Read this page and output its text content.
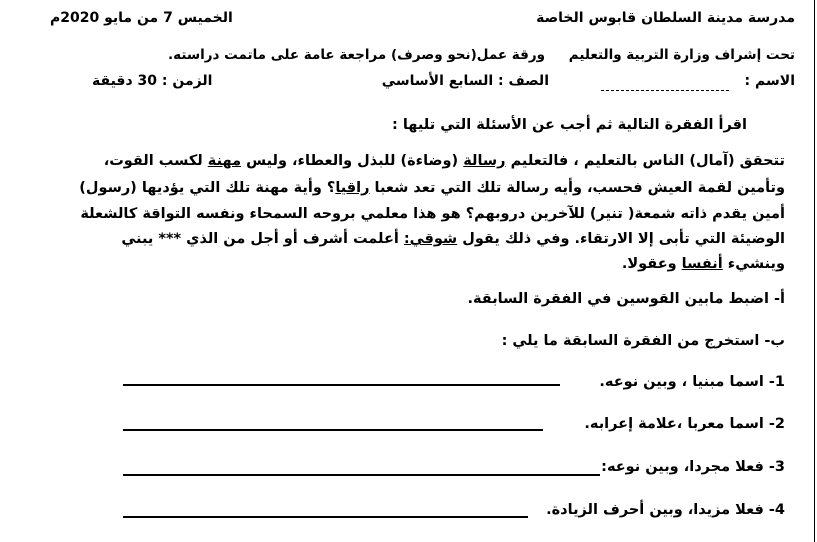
مدرسة مدينة السلطان قابوس الخاصة
الخميس 7 من مايو 2020م
تحت إشراف وزارة التربية والتعليم
ورقة عمل(نحو وصرف) مراجعة عامة على ماتمت دراسته.
الاسم :
الصف : السابع الأساسي
الزمن : 30 دقيقة
اقرأ الفقرة التالية ثم أجب عن الأسئلة التي تليها :
تتحقق (آمال) الناس بالتعليم ، فالتعليم رسالة (وضاءة) للبذل والعطاء، وليس مهنة لكسب القوت،
وتأمين لقمة العيش فحسب، وأيه رسالة تلك التي تعد شعبا راقيا؟ وأية مهنة تلك التي يؤديها (رسول)
أمين يقدم ذاته شمعة( تنير) للآخرين دروبهم؟ هو هذا معلمي بروحه السمحاء ونفسه التواقة كالشعلة
الوضيئة التي تأبى إلا الارتقاء. وفي ذلك يقول شوقي: أعلمت أشرف أو أجل من الذي *** يبني
وينشيء أنفسا وعقولا.
أ- اضبط مابين القوسين في الفقرة السابقة.
ب- استخرج من الفقرة السابقة ما يلي :
1- اسما مبنيا ، وبين نوعه.
2- اسما معربا ،علامة إعرابه.
3- فعلا مجردا، وبين نوعه:
4- فعلا مزيدا، وبين أحرف الزيادة.
